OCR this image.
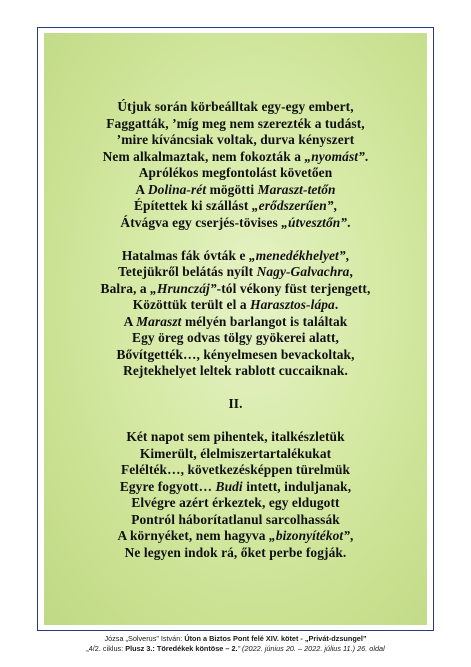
Útjuk során körbeálltak egy-egy embert,
Faggatták, ’míg meg nem szerezték a tudást,
’mire kíváncsiak voltak, durva kényszert
Nem alkalmaztak, nem fokozták a „nyomást”.
Aprólékos megfontolást követően
A Dolina-rét mögötti Maraszt-tetőn
Építettek ki szállást „erődszerűen”,
Átvágva egy cserjés-tövises „útvesztőn”.
Hatalmas fák óvták e „menedékhelyet”,
Tetejükről belátás nyílt Nagy-Galvachra,
Balra, a „Hrunczáj”-tól vékony füst terjengett,
Közöttük terült el a Harasztos-lápa.
A Maraszt mélyén barlangot is találtak
Egy öreg odvas tölgy gyökerei alatt,
Bővítgették…, kényelmesen bevackoltak,
Rejtekhelyet leltek rablott cuccaiknak.
II.
Két napot sem pihentek, italkészletük
Kimerült, élelmiszertartalékukat
Felélték…, következésképpen türelmük
Egyre fogyott… Budi intett, induljanak,
Elvégre azért érkeztek, egy eldugott
Pontról háborítatlanul sarcolhassák
A környéket, nem hagyva „bizonyítékot”,
Ne legyen indok rá, őket perbe fogják.
Józsa „Solverus” István: Úton a Biztos Pont felé XIV. kötet - „Privát-dzsungel”
„4/2. ciklus: Plusz 3.: Töredékek köntöse – 2.” (2022. június 20. – 2022. július 11.) 26. oldal
